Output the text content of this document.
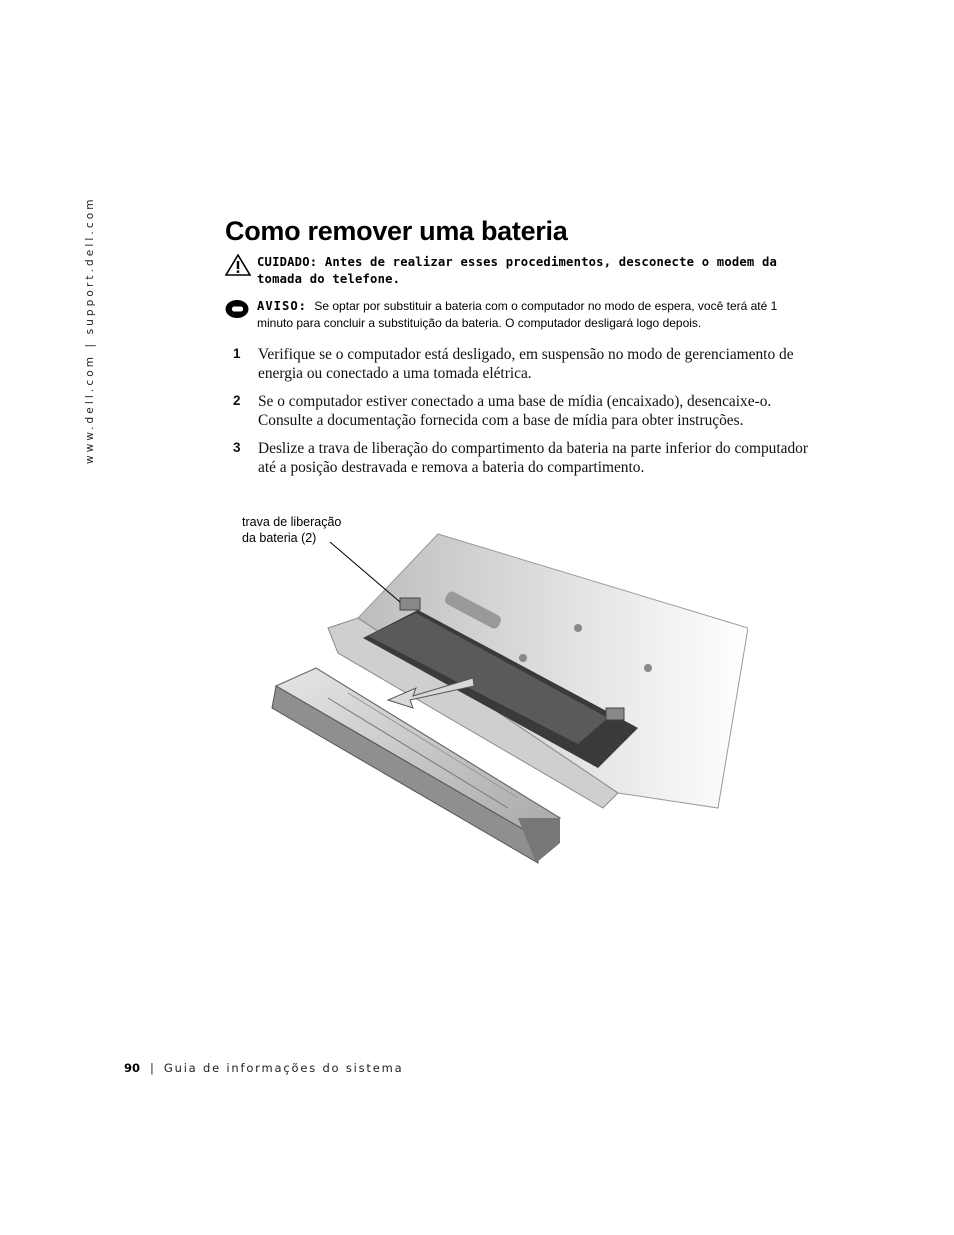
www.dell.com | support.dell.com	Como remover uma bateria
CUIDADO: Antes de realizar esses procedimentos, desconecte o modem da tomada do telefone.
AVISO: Se optar por substituir a bateria com o computador no modo de espera, você terá até 1 minuto para concluir a substituição da bateria. O computador desligará logo depois.
1 Verifique se o computador está desligado, em suspensão no modo de gerenciamento de energia ou conectado a uma tomada elétrica.
2 Se o computador estiver conectado a uma base de mídia (encaixado), desencaixe-o. Consulte a documentação fornecida com a base de mídia para obter instruções.
3 Deslize a trava de liberação do compartimento da bateria na parte inferior do computador até a posição destravada e remova a bateria do compartimento.
trava de liberação
da bateria (2)
90 | Guia de informações do sistema
